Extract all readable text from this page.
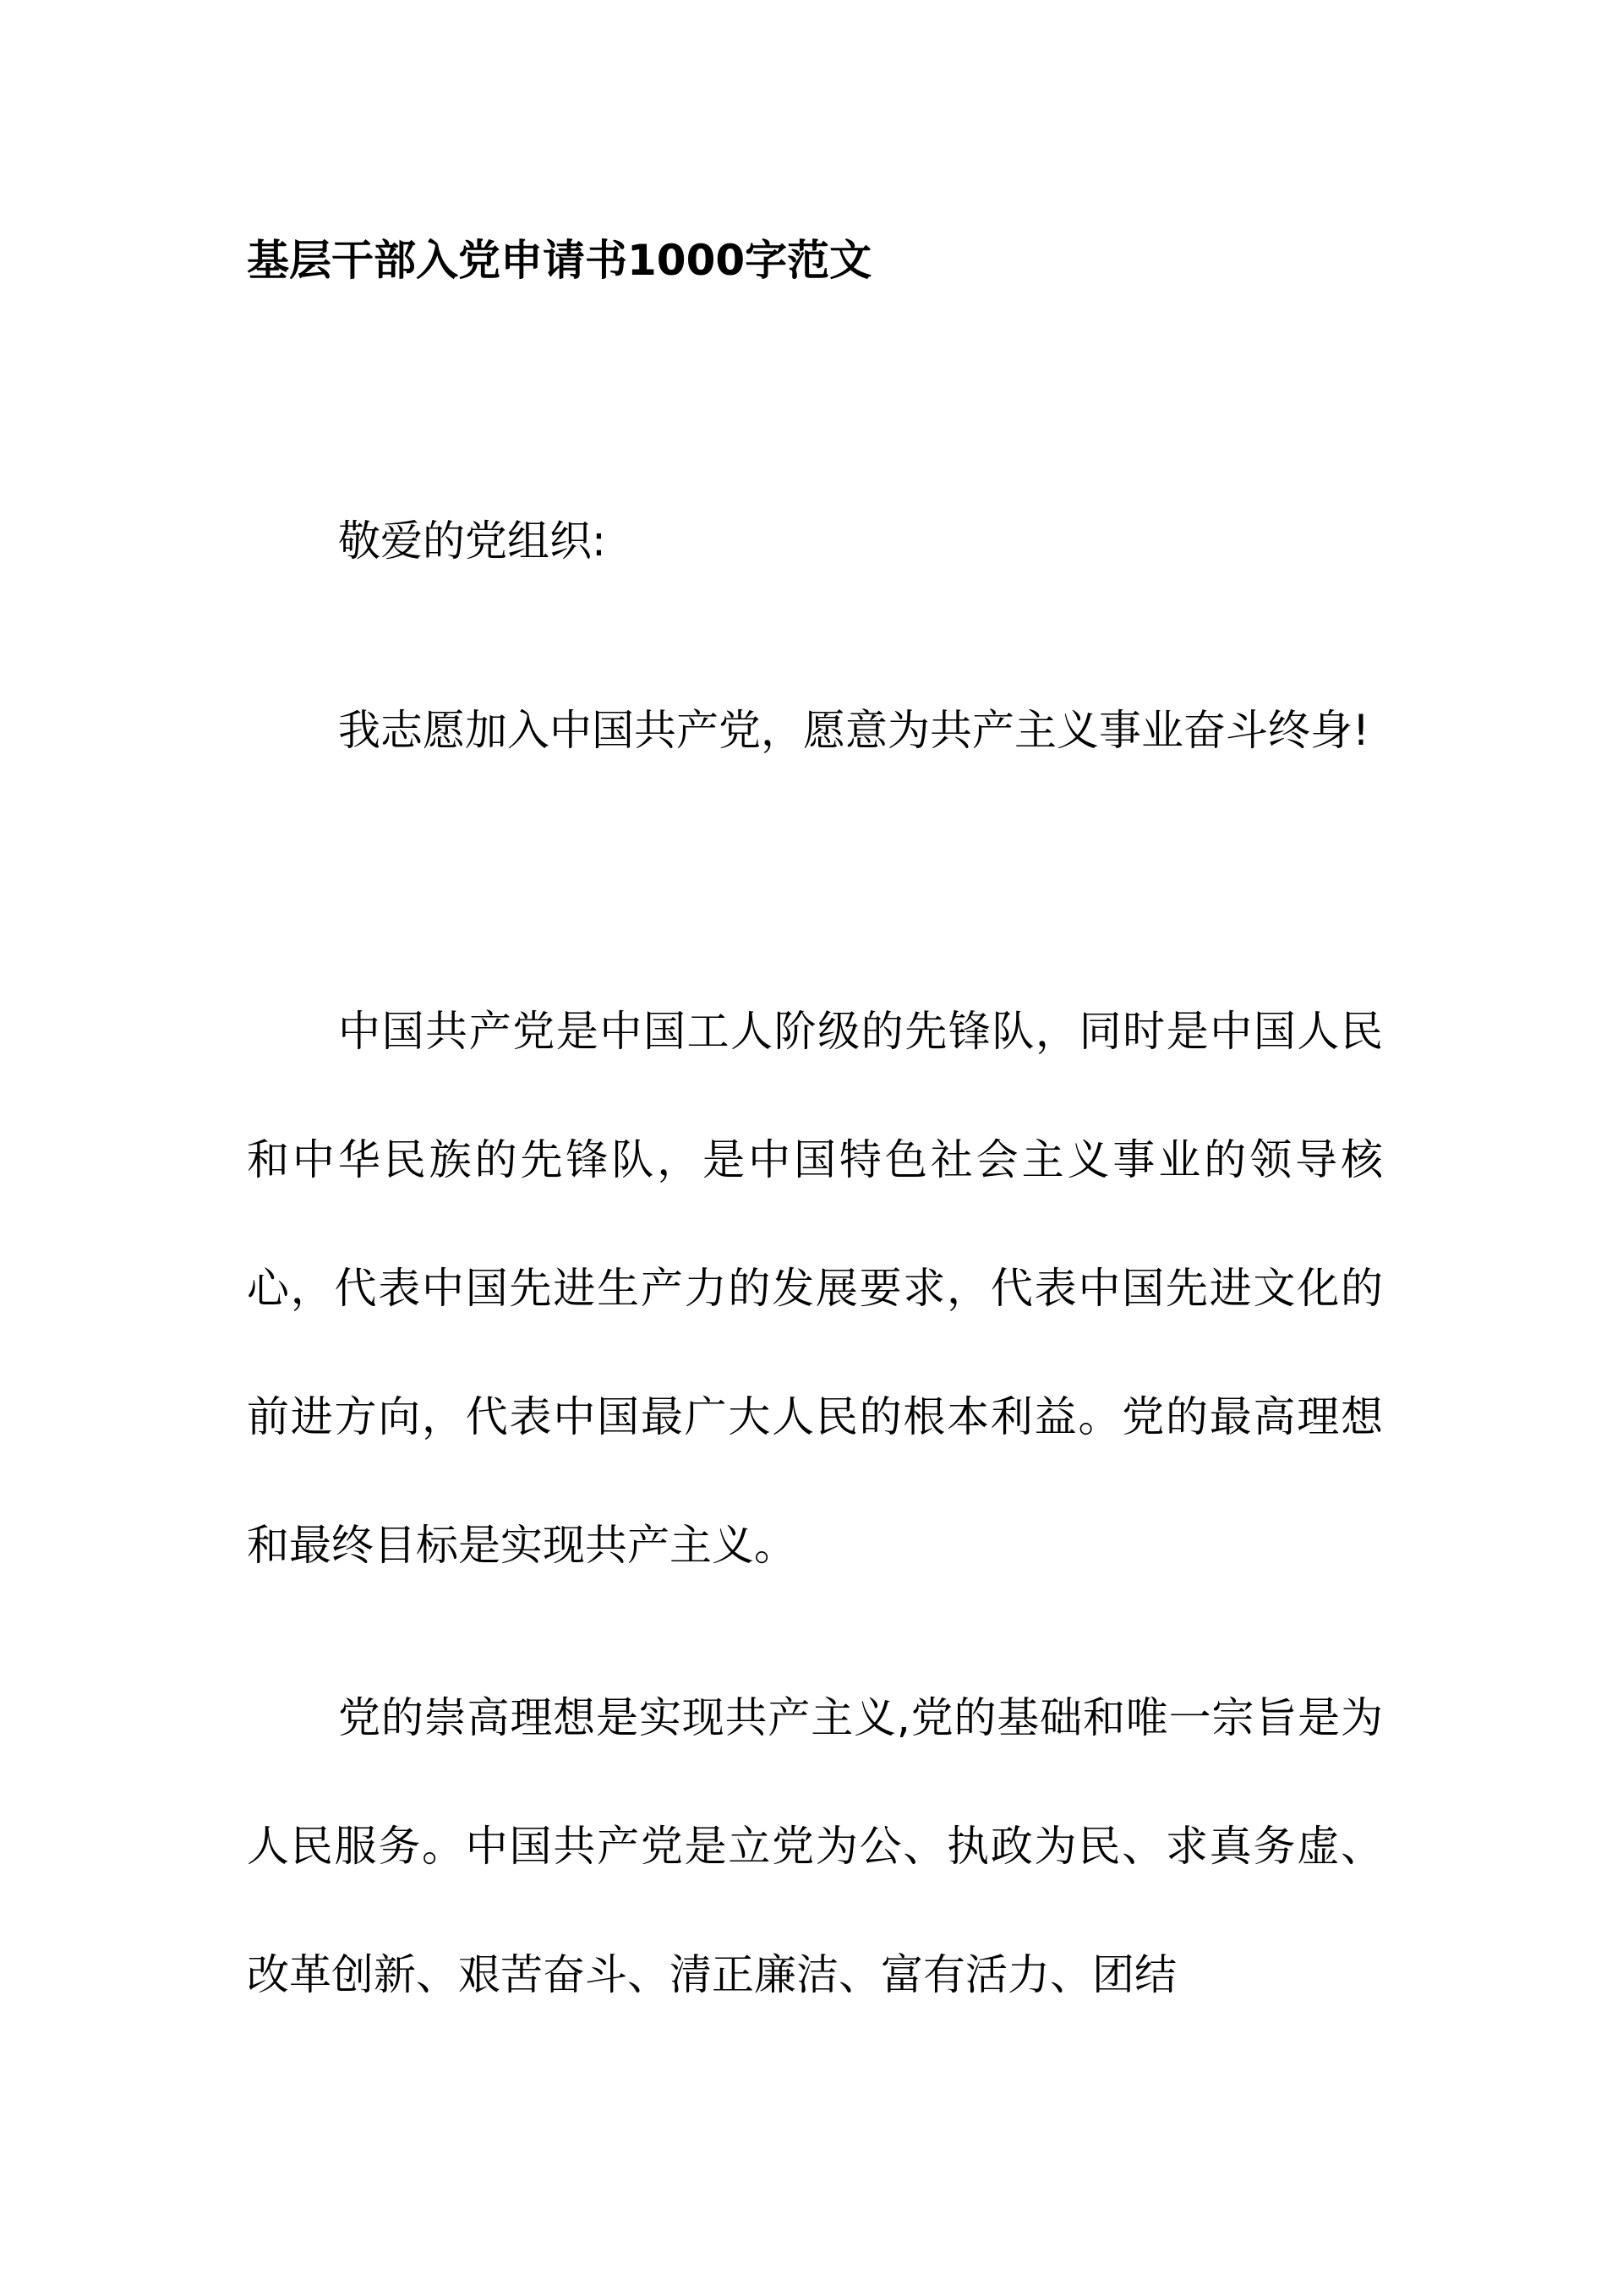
基层干部入党申请书1000字范文
敬爱的党组织:

我志愿加入中国共产党，愿意为共产主义事业奋斗终身!

中国共产党是中国工人阶级的先锋队，同时是中国人民和中华民族的先锋队，是中国特色社会主义事业的领导核心，代表中国先进生产力的发展要求，代表中国先进文化的前进方向，代表中国最广大人民的根本利益。党的最高理想和最终目标是实现共产主义。

党的崇高理想是实现共产主义,党的基础和唯一宗旨是为人民服务。中国共产党是立党为公、执政为民、求真务虚、改革创新、艰苦奋斗、清正廉洁、富有活力、团结
